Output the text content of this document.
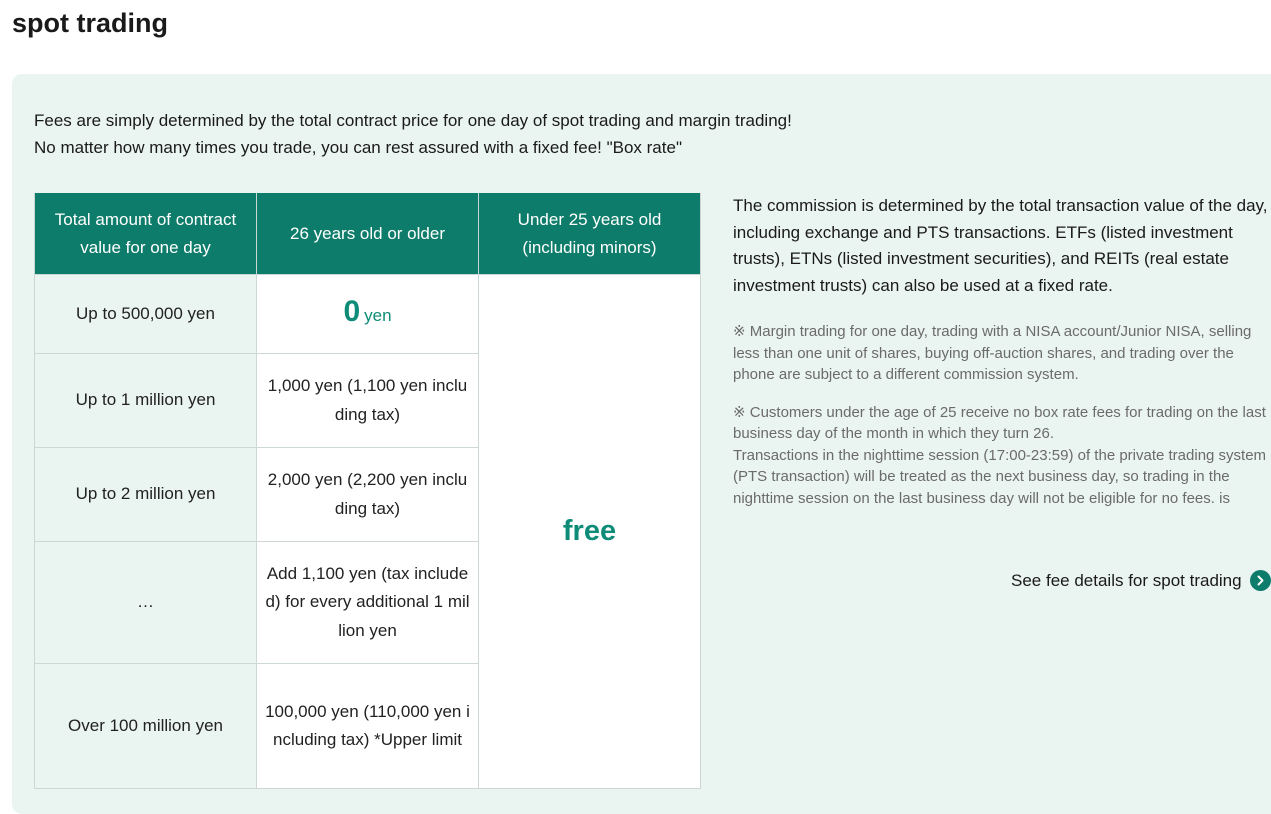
spot trading

Fees are simply determined by the total contract price for one day of spot trading and margin trading!

No matter how many times you trade, you can rest assured with a fixed fee! "Box rate"

Total amount of contract value for one day	26 years old or older	Under 25 years old (including minors)
Up to 500,000 yen	0 yen	free
Up to 1 million yen	1,000 yen (1,100 yen including tax)	
Up to 2 million yen	2,000 yen (2,200 yen including tax)	
…	Add 1,100 yen (tax included) for every additional 1 million yen	
Over 100 million yen	100,000 yen (110,000 yen including tax) *Upper limit	

The commission is determined by the total transaction value of the day, including exchange and PTS transactions. ETFs (listed investment trusts), ETNs (listed investment securities), and REITs (real estate investment trusts) can also be used at a fixed rate.

※ Margin trading for one day, trading with a NISA account/Junior NISA, selling less than one unit of shares, buying off-auction shares, and trading over the phone are subject to a different commission system.

※ Customers under the age of 25 receive no box rate fees for trading on the last business day of the month in which they turn 26.
Transactions in the nighttime session (17:00-23:59) of the private trading system (PTS transaction) will be treated as the next business day, so trading in the nighttime session on the last business day will not be eligible for no fees. is
See fee details for spot trading
